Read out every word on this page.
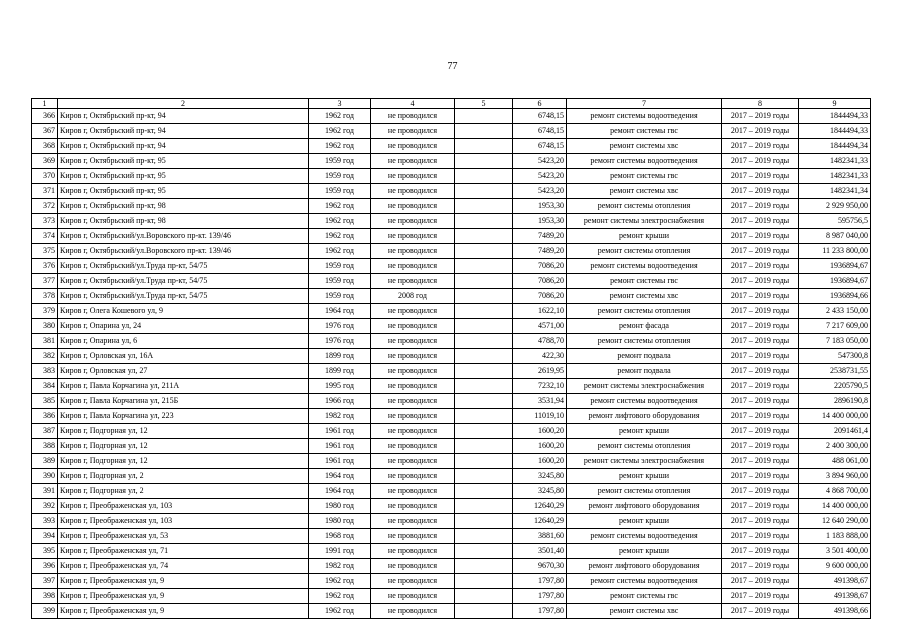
77
1	2	3	4	5	6	7	8	9
366	Киров г, Октябрьский пр-кт, 94	1962 год	не проводился		6748,15	ремонт системы водоотведения	2017 – 2019 годы	1844494,33
367	Киров г, Октябрьский пр-кт, 94	1962 год	не проводился		6748,15	ремонт системы гвс	2017 – 2019 годы	1844494,33
368	Киров г, Октябрьский пр-кт, 94	1962 год	не проводился		6748,15	ремонт системы хвс	2017 – 2019 годы	1844494,34
369	Киров г, Октябрьский пр-кт, 95	1959 год	не проводился		5423,20	ремонт системы водоотведения	2017 – 2019 годы	1482341,33
370	Киров г, Октябрьский пр-кт, 95	1959 год	не проводился		5423,20	ремонт системы гвс	2017 – 2019 годы	1482341,33
371	Киров г, Октябрьский пр-кт, 95	1959 год	не проводился		5423,20	ремонт системы хвс	2017 – 2019 годы	1482341,34
372	Киров г, Октябрьский пр-кт, 98	1962 год	не проводился		1953,30	ремонт системы отопления	2017 – 2019 годы	2 929 950,00
373	Киров г, Октябрьский пр-кт, 98	1962 год	не проводился		1953,30	ремонт системы электроснабжения	2017 – 2019 годы	595756,5
374	Киров г, Октябрьский/ул.Воровского пр-кт. 139/46	1962 год	не проводился		7489,20	ремонт крыши	2017 – 2019 годы	8 987 040,00
375	Киров г, Октябрьский/ул.Воровского пр-кт. 139/46	1962 год	не проводился		7489,20	ремонт системы отопления	2017 – 2019 годы	11 233 800,00
376	Киров г, Октябрьский/ул.Труда пр-кт, 54/75	1959 год	не проводился		7086,20	ремонт системы водоотведения	2017 – 2019 годы	1936894,67
377	Киров г, Октябрьский/ул.Труда пр-кт, 54/75	1959 год	не проводился		7086,20	ремонт системы гвс	2017 – 2019 годы	1936894,67
378	Киров г, Октябрьский/ул.Труда пр-кт, 54/75	1959 год	2008 год		7086,20	ремонт системы хвс	2017 – 2019 годы	1936894,66
379	Киров г, Олега Кошевого ул, 9	1964 год	не проводился		1622,10	ремонт системы отопления	2017 – 2019 годы	2 433 150,00
380	Киров г, Опарина ул, 24	1976 год	не проводился		4571,00	ремонт фасада	2017 – 2019 годы	7 217 609,00
381	Киров г, Опарина ул, 6	1976 год	не проводился		4788,70	ремонт системы отопления	2017 – 2019 годы	7 183 050,00
382	Киров г, Орловская ул, 16А	1899 год	не проводился		422,30	ремонт подвала	2017 – 2019 годы	547300,8
383	Киров г, Орловская ул, 27	1899 год	не проводился		2619,95	ремонт подвала	2017 – 2019 годы	2538731,55
384	Киров г, Павла Корчагина ул, 211А	1995 год	не проводился		7232,10	ремонт системы электроснабжения	2017 – 2019 годы	2205790,5
385	Киров г, Павла Корчагина ул, 215Б	1966 год	не проводился		3531,94	ремонт системы водоотведения	2017 – 2019 годы	2896190,8
386	Киров г, Павла Корчагина ул, 223	1982 год	не проводился		11019,10	ремонт лифтового оборудования	2017 – 2019 годы	14 400 000,00
387	Киров г, Подгорная ул, 12	1961 год	не проводился		1600,20	ремонт крыши	2017 – 2019 годы	2091461,4
388	Киров г, Подгорная ул, 12	1961 год	не проводился		1600,20	ремонт системы отопления	2017 – 2019 годы	2 400 300,00
389	Киров г, Подгорная ул, 12	1961 год	не проводился		1600,20	ремонт системы электроснабжения	2017 – 2019 годы	488 061,00
390	Киров г, Подгорная ул, 2	1964 год	не проводился		3245,80	ремонт крыши	2017 – 2019 годы	3 894 960,00
391	Киров г, Подгорная ул, 2	1964 год	не проводился		3245,80	ремонт системы отопления	2017 – 2019 годы	4 868 700,00
392	Киров г, Преображенская ул, 103	1980 год	не проводился		12640,29	ремонт лифтового оборудования	2017 – 2019 годы	14 400 000,00
393	Киров г, Преображенская ул, 103	1980 год	не проводился		12640,29	ремонт крыши	2017 – 2019 годы	12 640 290,00
394	Киров г, Преображенская ул, 53	1968 год	не проводился		3881,60	ремонт системы водоотведения	2017 – 2019 годы	1 183 888,00
395	Киров г, Преображенская ул, 71	1991 год	не проводился		3501,40	ремонт крыши	2017 – 2019 годы	3 501 400,00
396	Киров г, Преображенская ул, 74	1982 год	не проводился		9670,30	ремонт лифтового оборудования	2017 – 2019 годы	9 600 000,00
397	Киров г, Преображенская ул, 9	1962 год	не проводился		1797,80	ремонт системы водоотведения	2017 – 2019 годы	491398,67
398	Киров г, Преображенская ул, 9	1962 год	не проводился		1797,80	ремонт системы гвс	2017 – 2019 годы	491398,67
399	Киров г, Преображенская ул, 9	1962 год	не проводился		1797,80	ремонт системы хвс	2017 – 2019 годы	491398,66
